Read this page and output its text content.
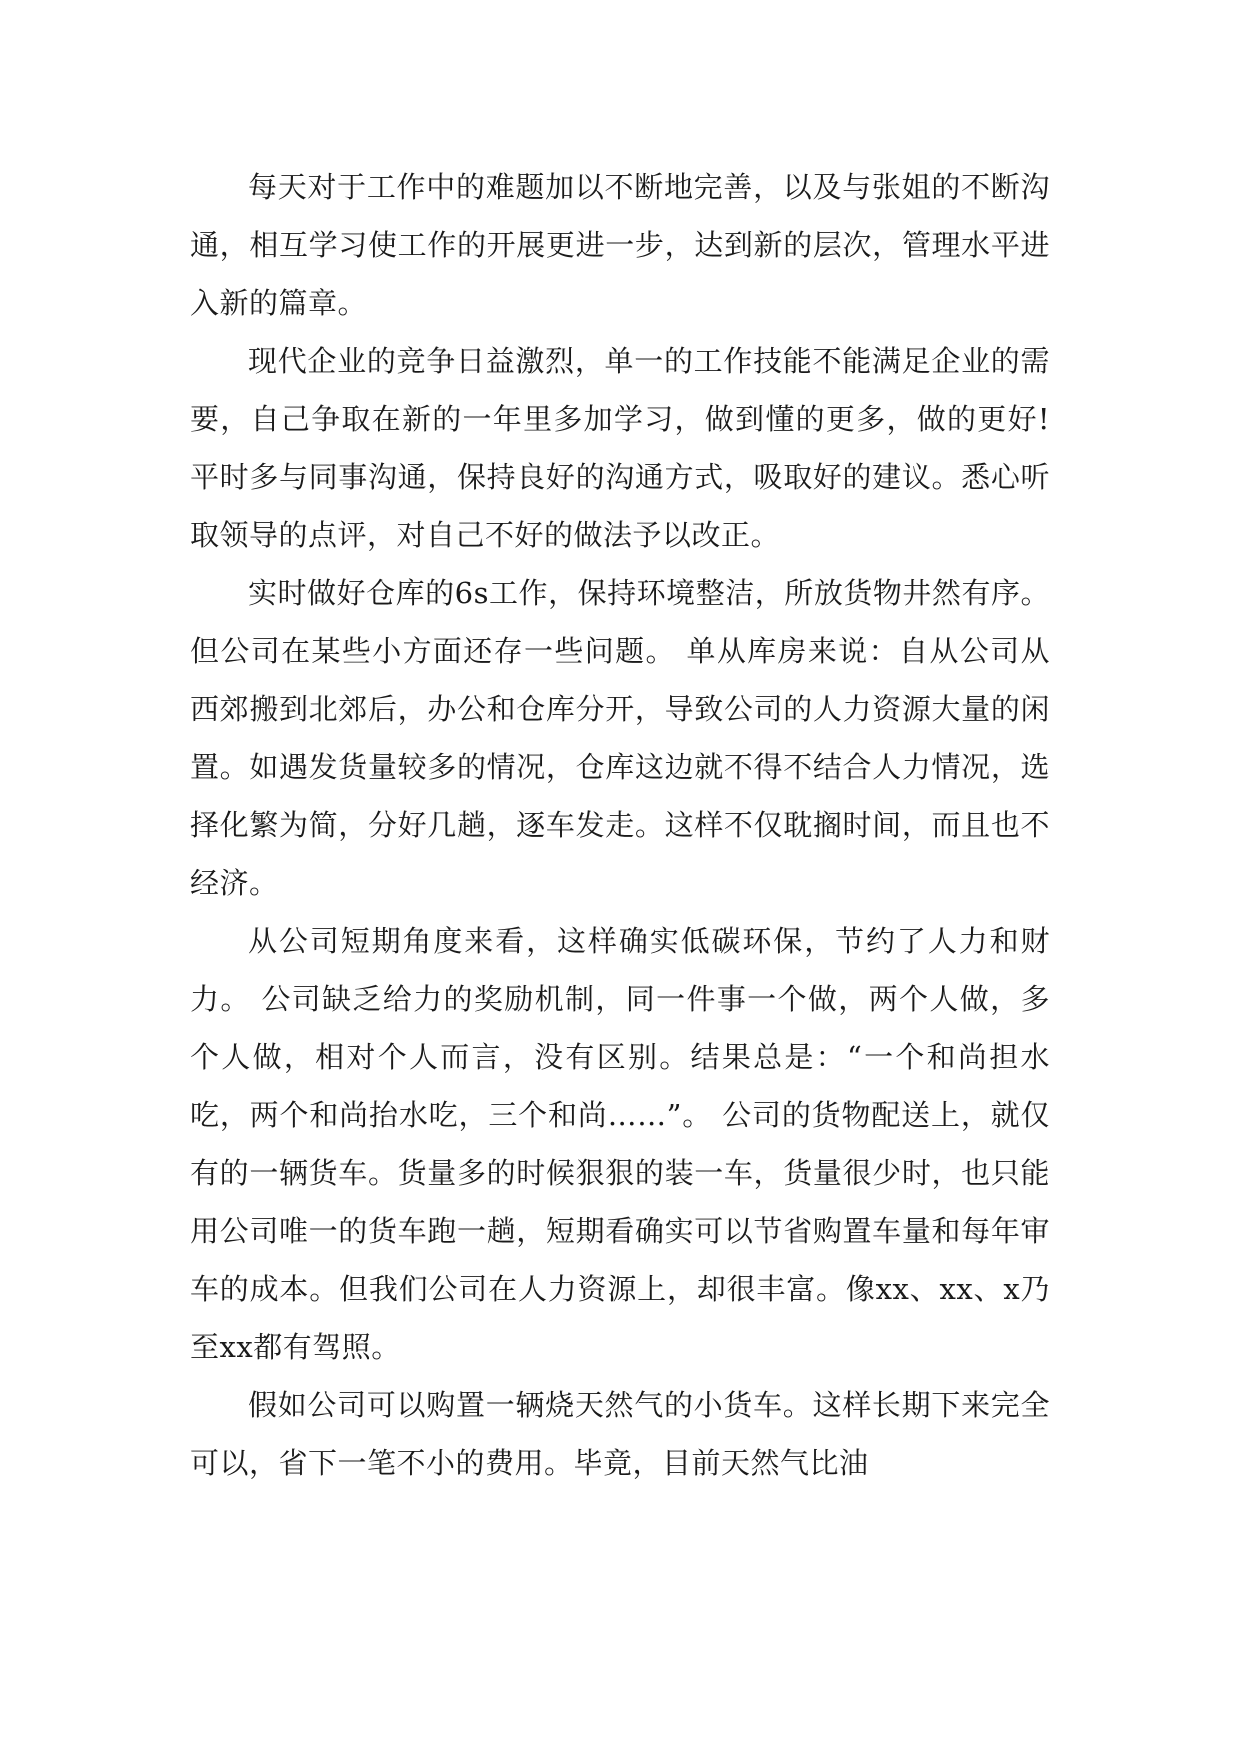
每天对于工作中的难题加以不断地完善，以及与张姐的不断沟通，相互学习使工作的开展更进一步，达到新的层次，管理水平进入新的篇章。

现代企业的竞争日益激烈，单一的工作技能不能满足企业的需要，自己争取在新的一年里多加学习，做到懂的更多，做的更好!平时多与同事沟通，保持良好的沟通方式，吸取好的建议。悉心听取领导的点评，对自己不好的做法予以改正。

实时做好仓库的6s工作，保持环境整洁，所放货物井然有序。 但公司在某些小方面还存一些问题。 单从库房来说：自从公司从西郊搬到北郊后，办公和仓库分开，导致公司的人力资源大量的闲置。如遇发货量较多的情况，仓库这边就不得不结合人力情况，选择化繁为简，分好几趟，逐车发走。这样不仅耽搁时间，而且也不经济。

从公司短期角度来看，这样确实低碳环保，节约了人力和财力。 公司缺乏给力的奖励机制，同一件事一个做，两个人做，多个人做，相对个人而言，没有区别。结果总是：“一个和尚担水吃，两个和尚抬水吃，三个和尚……”。 公司的货物配送上，就仅有的一辆货车。货量多的时候狠狠的装一车，货量很少时，也只能用公司唯一的货车跑一趟，短期看确实可以节省购置车量和每年审车的成本。但我们公司在人力资源上，却很丰富。像xx、xx、x乃至xx都有驾照。

假如公司可以购置一辆烧天然气的小货车。这样长期下来完全可以，省下一笔不小的费用。毕竟，目前天然气比油
